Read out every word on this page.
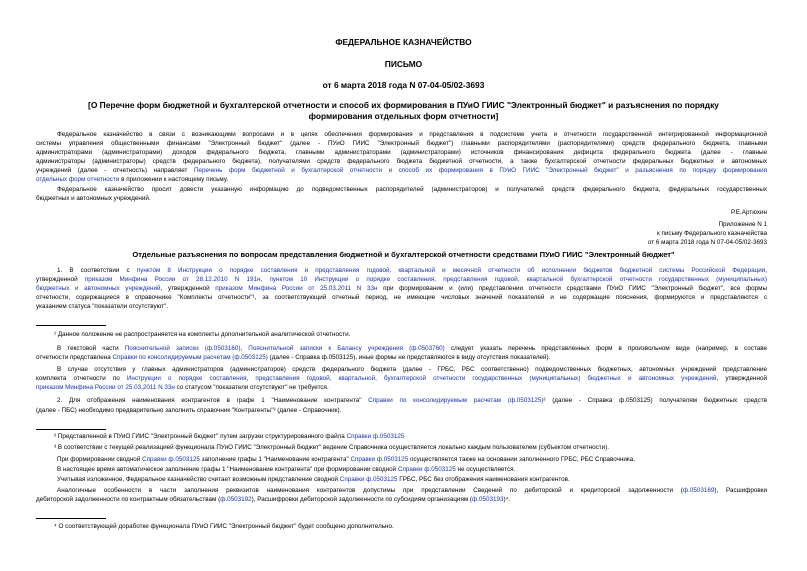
ФЕДЕРАЛЬНОЕ КАЗНАЧЕЙСТВО
ПИСЬМО
от 6 марта 2018 года N 07-04-05/02-3693
[О Перечне форм бюджетной и бухгалтерской отчетности и способ их формирования в ПУиО ГИИС "Электронный бюджет" и разъяснения по порядку
формирования отдельных форм отчетности]
Федеральное казначейство в связи с возникающими вопросами и в целях обеспечения формирования и представления в подсистеме учета и отчетности государственной интегрированной информационной
системы управления общественными финансами "Электронный бюджет" (далее - ПУиО ГИИС "Электронный бюджет") главными распорядителями (распорядителями) средств федерального бюджета, главными
администраторами (администраторами) доходов федерального бюджета, главными администраторами (администраторами) источников финансирования дефицита федерального бюджета (далее - главные
администраторы (администраторы) средств федерального бюджета), получателями средств федерального бюджета бюджетной отчетности, а также бухгалтерской отчетности федеральных бюджетных и автономных
учреждений (далее - отчетность) направляет Перечень форм бюджетной и бухгалтерской отчетности и способ их формирования в ПУиО ГИИС "Электронный бюджет" и разъяснения по порядку формирования
отдельных форм отчетности в приложении к настоящему письму.
Федеральное казначейство просит довести указанную информацию до подведомственных распорядителей (администраторов) и получателей средств федерального бюджета, федеральных государственных
бюджетных и автономных учреждений.
Р.Е.Артюхин
Приложение N 1
к письму Федерального казначейства
от 6 марта 2018 года N 07-04-05/02-3693
Отдельные разъяснения по вопросам представления бюджетной и бухгалтерской отчетности средствами ПУиО ГИИС "Электронный бюджет"
1. В соответствии с пунктом 8 Инструкции о порядке составления и представления годовой, квартальной и месячной отчетности об исполнении бюджетов бюджетной системы Российской Федерации,
утвержденной приказом Минфина России от 28.12.2010 N 191н, пунктом 10 Инструкции о порядке составления, представления годовой, квартальной бухгалтерской отчетности государственных (муниципальных)
бюджетных и автономных учреждений, утвержденной приказом Минфина России от 25.03.2011 N 33н при формировании и (или) представлении отчетности средствами ПУиО ГИИС "Электронный бюджет", все формы
отчетности, содержащиеся в справочнике "Комплекты отчетности"¹, за соответствующий отчетный период, не имеющие числовых значений показателей и не содержащие пояснения, формируются и представляются с
указанием статуса "показатели отсутствуют".
¹ Данное положение не распространяется на комплекты дополнительной аналитической отчетности.
В текстовой части Пояснительной записки (ф.0503160), Пояснительной записки к Балансу учреждения (ф.0503760) следует указать перечень представленных форм в произвольном виде (например, в составе
отчетности представлена Справки по консолидируемым расчетам (ф.0503125) (далее - Справка ф.0503125), иные формы не представляются в виду отсутствия показателей).
В случае отсутствия у главных администраторов (администраторов) средств федерального бюджета (далее - ГРБС, РБС соответственно) подведомственных бюджетных, автономных учреждений представление
комплекта отчетности по Инструкции о порядке составления, представления годовой, квартальной, бухгалтерской отчетности государственных (муниципальных) бюджетных и автономных учреждений, утвержденной
приказом Минфина России от 25.03.2011 N 33н со статусом "показатели отсутствуют" не требуется.
2. Для отображения наименования контрагентов в графе 1 "Наименование контрагента" Справки по консолидируемым расчетам (ф.0503125)² (далее - Справка ф.0503125) получателям бюджетных средств
(далее - ПБС) необходимо предварительно заполнить справочник "Контрагенты"³ (далее - Справочник).
² Представленной в ПУиО ГИИС "Электронный бюджет" путем загрузки структурированного файла Справки ф.0503125
³ В соответствии с текущей реализацией функционала ПУиО ГИИС "Электронный бюджет" ведение Справочника осуществляется локально каждым пользователем (субъектом отчетности).
При формировании сводной Справки ф.0503125 заполнение графы 1 "Наименование контрагента" Справки ф.0503125 осуществляется также на основании заполненного ГРБС, РБС Справочника.
В настоящее время автоматическое заполнение графы 1 "Наименование контрагента" при формировании сводной Справки ф.0503125 не осуществляется.
Учитывая изложенное, Федеральное казначейство считает возможным представление сводной Справки ф.0503125 ГРБС, РБС без отображения наименования контрагентов.
Аналогичные особенности в части заполнения реквизитов наименования контрагентов допустимы при представлении Сведений по дебиторской и кредиторской задолженности (ф.0503169), Расшифровки
дебиторской задолженности по контрактным обязательствам (ф.0503192), Расшифровки дебиторской задолженности по субсидиям организациям (ф.0503193)⁴.
⁴ О соответствующей доработке функционала ПУиО ГИИС "Электронный бюджет" будет сообщено дополнительно.
